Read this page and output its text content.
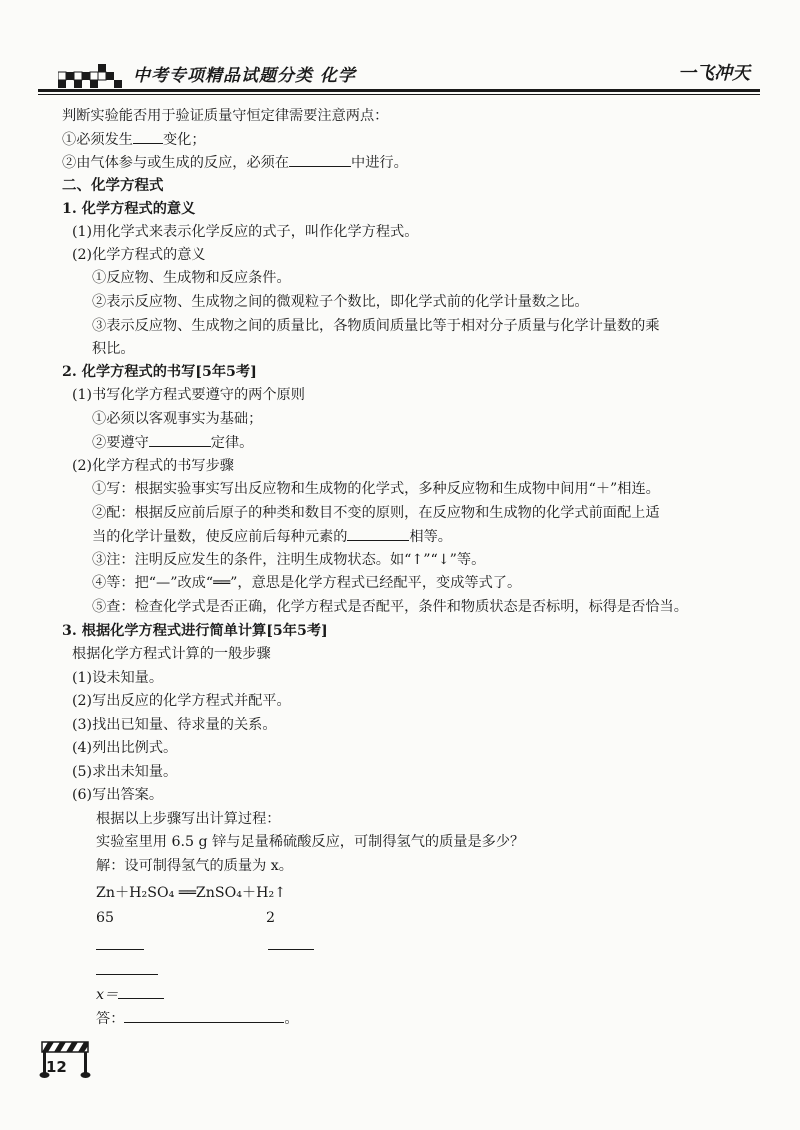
中考专项精品试题分类 化学	一飞冲天
判断实验能否用于验证质量守恒定律需要注意两点：
①必须发生 变化；
②由气体参与或生成的反应，必须在	中进行。
二、化学方程式
1. 化学方程式的意义
(1)用化学式来表示化学反应的式子，叫作化学方程式。
(2)化学方程式的意义
①反应物、生成物和反应条件。
②表示反应物、生成物之间的微观粒子个数比，即化学式前的化学计量数之比。
③表示反应物、生成物之间的质量比，各物质间质量比等于相对分子质量与化学计量数的乘
积比。
2. 化学方程式的书写[5年5考]
(1)书写化学方程式要遵守的两个原则
①必须以客观事实为基础；
②要遵守	定律。
(2)化学方程式的书写步骤
①写：根据实验事实写出反应物和生成物的化学式，多种反应物和生成物中间用“＋”相连。
②配：根据反应前后原子的种类和数目不变的原则，在反应物和生成物的化学式前面配上适
当的化学计量数，使反应前后每种元素的	相等。
③注：注明反应发生的条件，注明生成物状态。如“↑”“↓”等。
④等：把“—”改成“══”，意思是化学方程式已经配平，变成等式了。
⑤查：检查化学式是否正确，化学方程式是否配平，条件和物质状态是否标明，标得是否恰当。
3. 根据化学方程式进行简单计算[5年5考]
根据化学方程式计算的一般步骤
(1)设未知量。
(2)写出反应的化学方程式并配平。
(3)找出已知量、待求量的关系。
(4)列出比例式。
(5)求出未知量。
(6)写出答案。
根据以上步骤写出计算过程：
实验室里用 6.5 g 锌与足量稀硫酸反应，可制得氢气的质量是多少？
解：设可制得氢气的质量为 x。
Zn＋H₂SO₄ ══ZnSO₄＋H₂↑
65	2
x＝
答：	。
12
